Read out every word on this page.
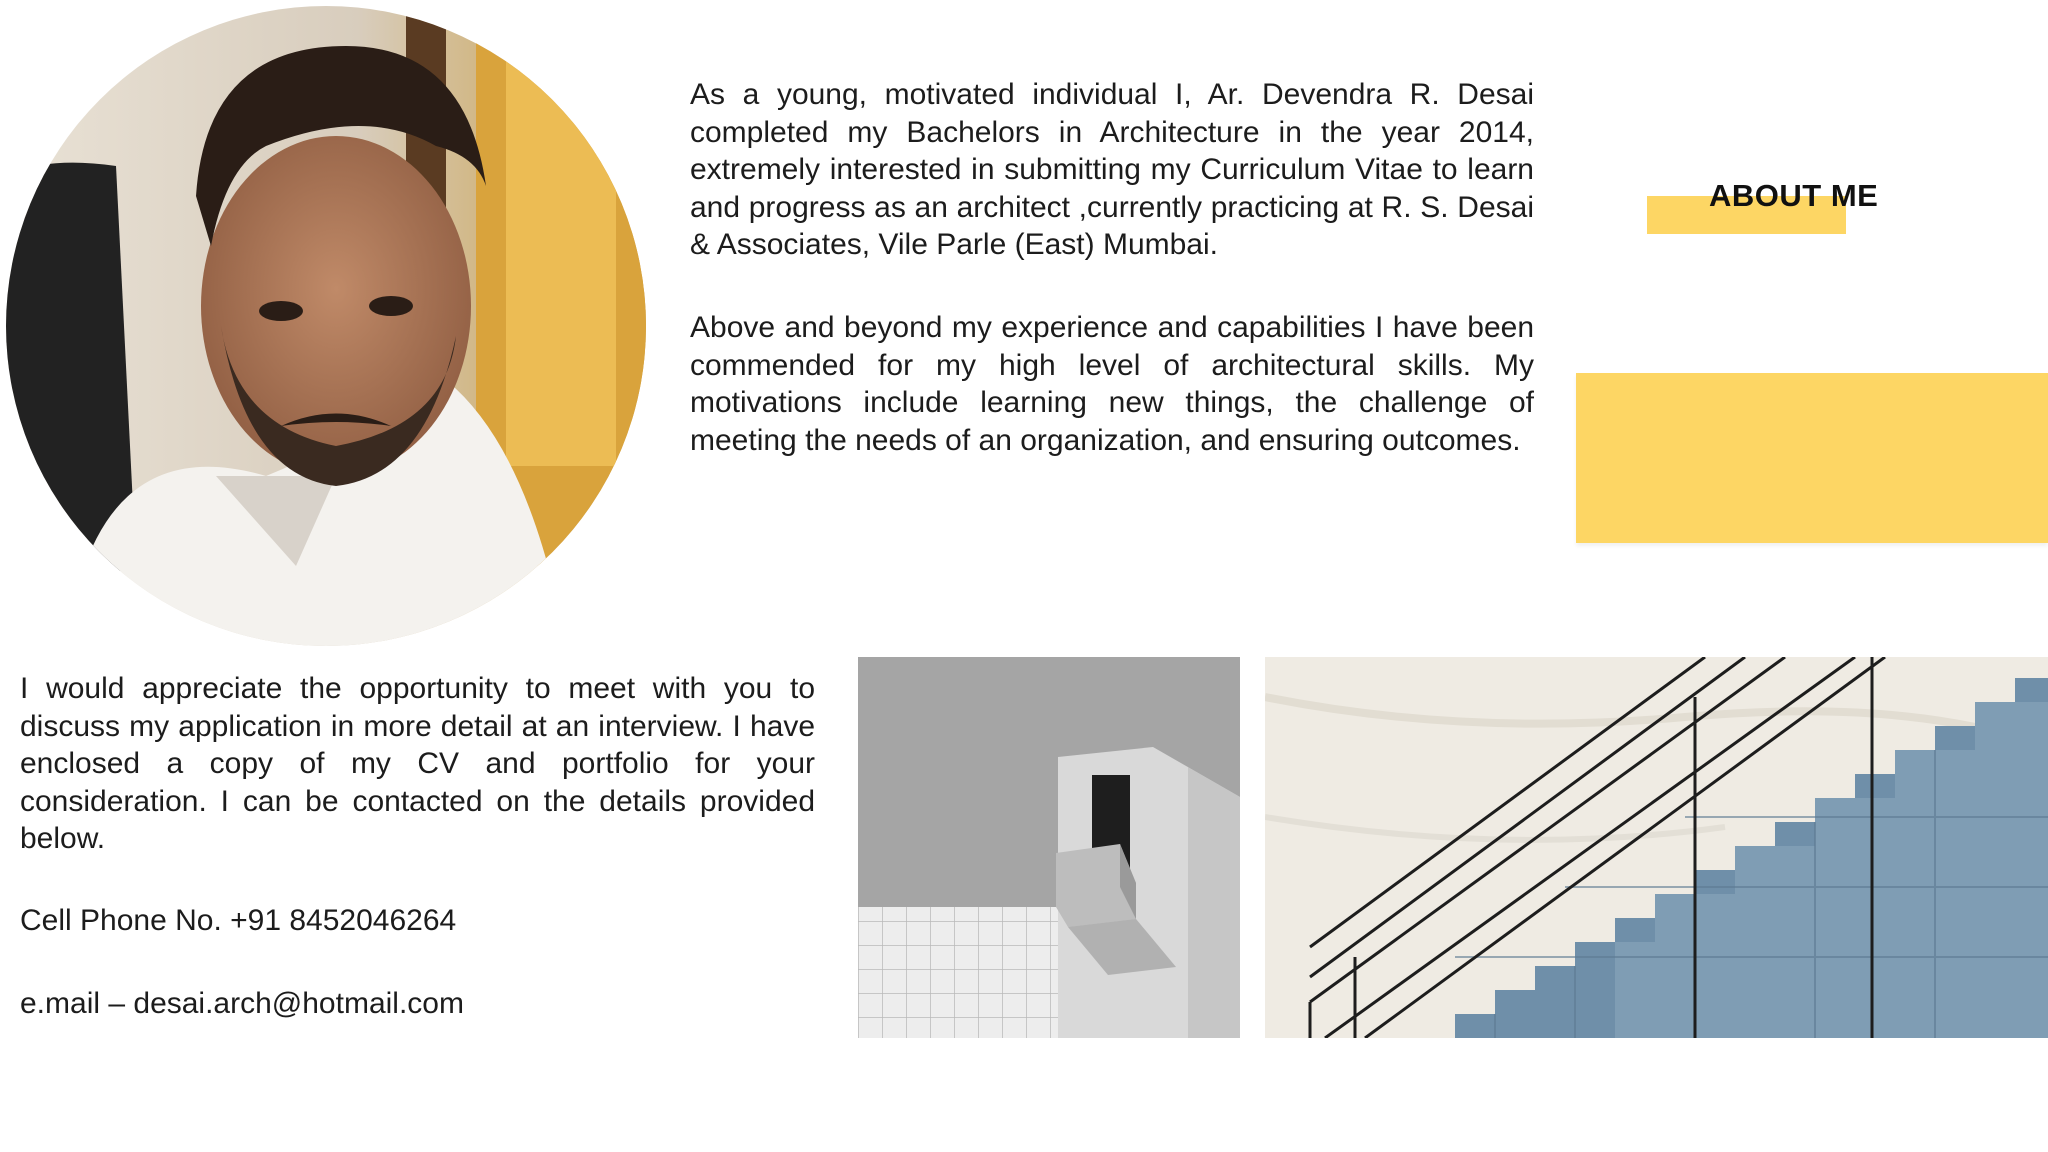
As a young, motivated individual I, Ar. Devendra R. Desai completed my Bachelors in Architecture in the year 2014, extremely interested in submitting my Curriculum Vitae to learn and progress as an architect ,currently practicing at R. S. Desai & Associates, Vile Parle (East) Mumbai.

Above and beyond my experience and capabilities I have been commended for my high level of architectural skills. My motivations include learning new things, the challenge of meeting the needs of an organization, and ensuring outcomes.

ABOUT ME

I would appreciate the opportunity to meet with you to discuss my application in more detail at an interview. I have enclosed a copy of my CV and portfolio for your consideration. I can be contacted on the details provided below.

Cell Phone No. +91 8452046264
e.mail – desai.arch@hotmail.com
